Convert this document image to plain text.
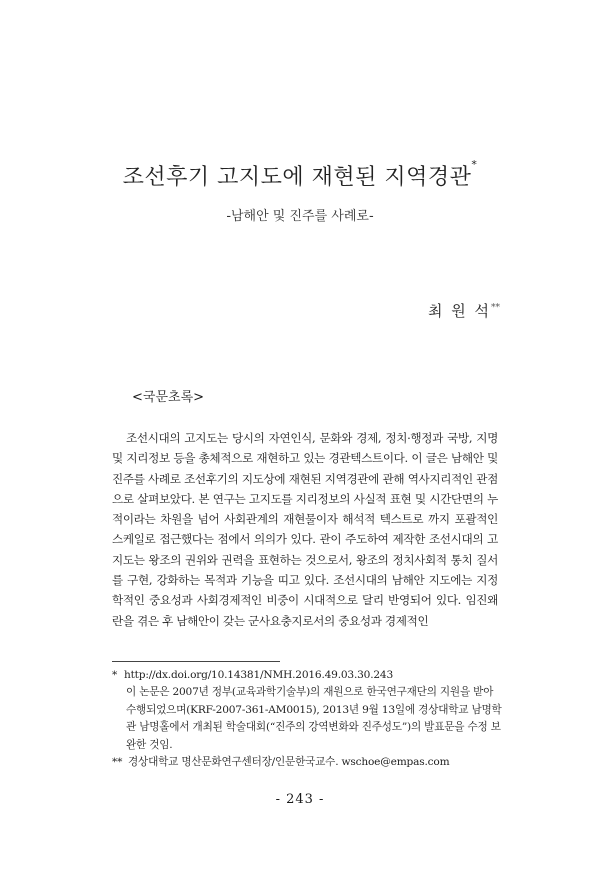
조선후기 고지도에 재현된 지역경관*
-남해안 및 진주를 사례로-
최 원 석**
<국문초록>

조선시대의 고지도는 당시의 자연인식, 문화와 경제, 정치·행정과 국방, 지명 및 지리정보 등을 총체적으로 재현하고 있는 경관텍스트이다. 이 글은 남해안 및 진주를 사례로 조선후기의 지도상에 재현된 지역경관에 관해 역사지리적인 관점으로 살펴보았다. 본 연구는 고지도를 지리정보의 사실적 표현 및 시간단면의 누적이라는 차원을 넘어 사회관계의 재현물이자 해석적 텍스트로 까지 포괄적인 스케일로 접근했다는 점에서 의의가 있다. 관이 주도하여 제작한 조선시대의 고지도는 왕조의 권위와 권력을 표현하는 것으로서, 왕조의 정치사회적 통치 질서를 구현, 강화하는 목적과 기능을 띠고 있다. 조선시대의 남해안 지도에는 지정학적인 중요성과 사회경제적인 비중이 시대적으로 달리 반영되어 있다. 임진왜란을 겪은 후 남해안이 갖는 군사요충지로서의 중요성과 경제적인

* http://dx.doi.org/10.14381/NMH.2016.49.03.30.243
이 논문은 2007년 정부(교육과학기술부)의 재원으로 한국연구재단의 지원을 받아 수행되었으며(KRF-2007-361-AM0015), 2013년 9월 13일에 경상대학교 남명학관 남명홀에서 개최된 학술대회(“진주의 강역변화와 진주성도”)의 발표문을 수정 보완한 것임.
** 경상대학교 명산문화연구센터장/인문한국교수. wschoe@empas.com
- 243 -
